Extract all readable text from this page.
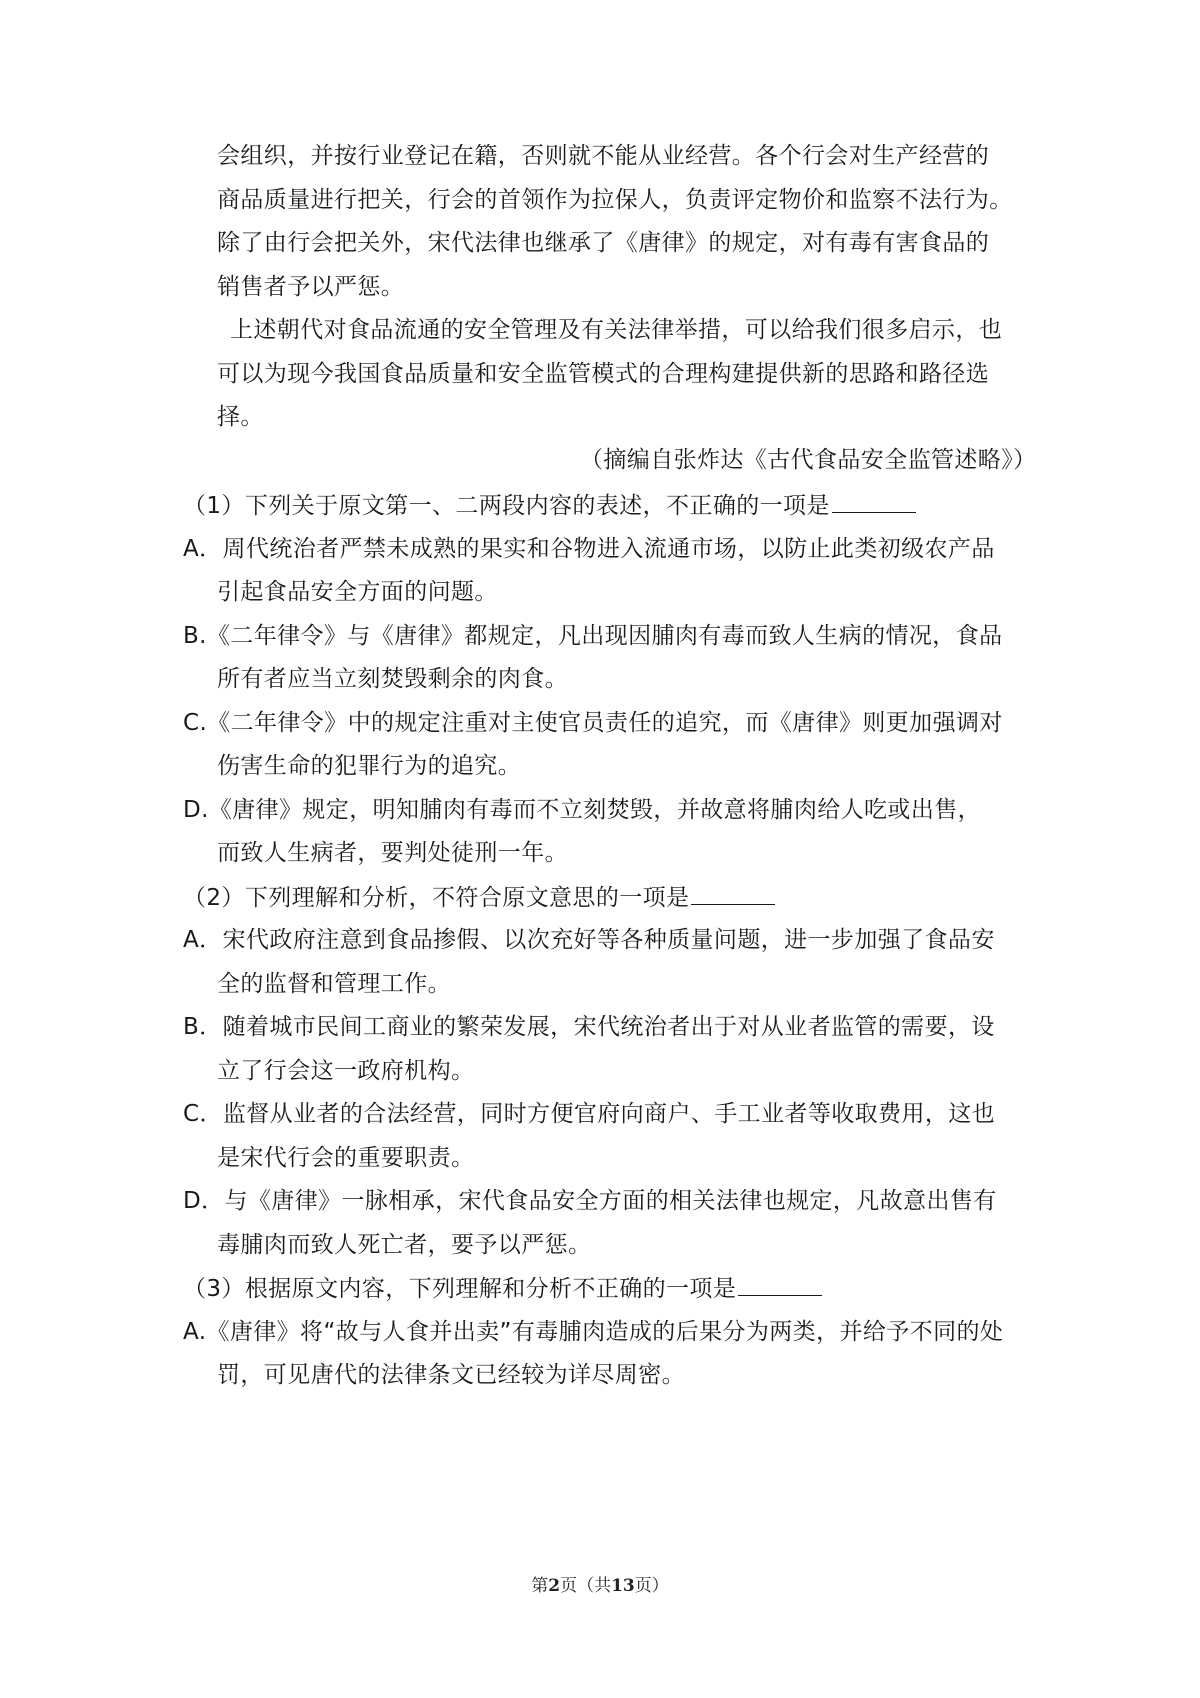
会组织，并按行业登记在籍，否则就不能从业经营。各个行会对生产经营的

商品质量进行把关，行会的首领作为拉保人，负责评定物价和监察不法行为。

除了由行会把关外，宋代法律也继承了《唐律》的规定，对有毒有害食品的

销售者予以严惩。

上述朝代对食品流通的安全管理及有关法律举措，可以给我们很多启示，也

可以为现今我国食品质量和安全监管模式的合理构建提供新的思路和路径选

择。

（摘编自张炸达《古代食品安全监管述略》）

（1）下列关于原文第一、二两段内容的表述，不正确的一项是

A．周代统治者严禁未成熟的果实和谷物进入流通市场，以防止此类初级农产品

引起食品安全方面的问题。

B.《二年律令》与《唐律》都规定，凡出现因脯肉有毒而致人生病的情况，食品

所有者应当立刻焚毁剩余的肉食。

C.《二年律令》中的规定注重对主使官员责任的追究，而《唐律》则更加强调对

伤害生命的犯罪行为的追究。

D.《唐律》规定，明知脯肉有毒而不立刻焚毁，并故意将脯肉给人吃或出售，

而致人生病者，要判处徒刑一年。

（2）下列理解和分析，不符合原文意思的一项是

A．宋代政府注意到食品掺假、以次充好等各种质量问题，进一步加强了食品安

全的监督和管理工作。

B．随着城市民间工商业的繁荣发展，宋代统治者出于对从业者监管的需要，设

立了行会这一政府机构。

C．监督从业者的合法经营，同时方便官府向商户、手工业者等收取费用，这也

是宋代行会的重要职责。

D．与《唐律》一脉相承，宋代食品安全方面的相关法律也规定，凡故意出售有

毒脯肉而致人死亡者，要予以严惩。

（3）根据原文内容，下列理解和分析不正确的一项是

A.《唐律》将“故与人食并出卖”有毒脯肉造成的后果分为两类，并给予不同的处

罚，可见唐代的法律条文已经较为详尽周密。

第2页（共13页）
